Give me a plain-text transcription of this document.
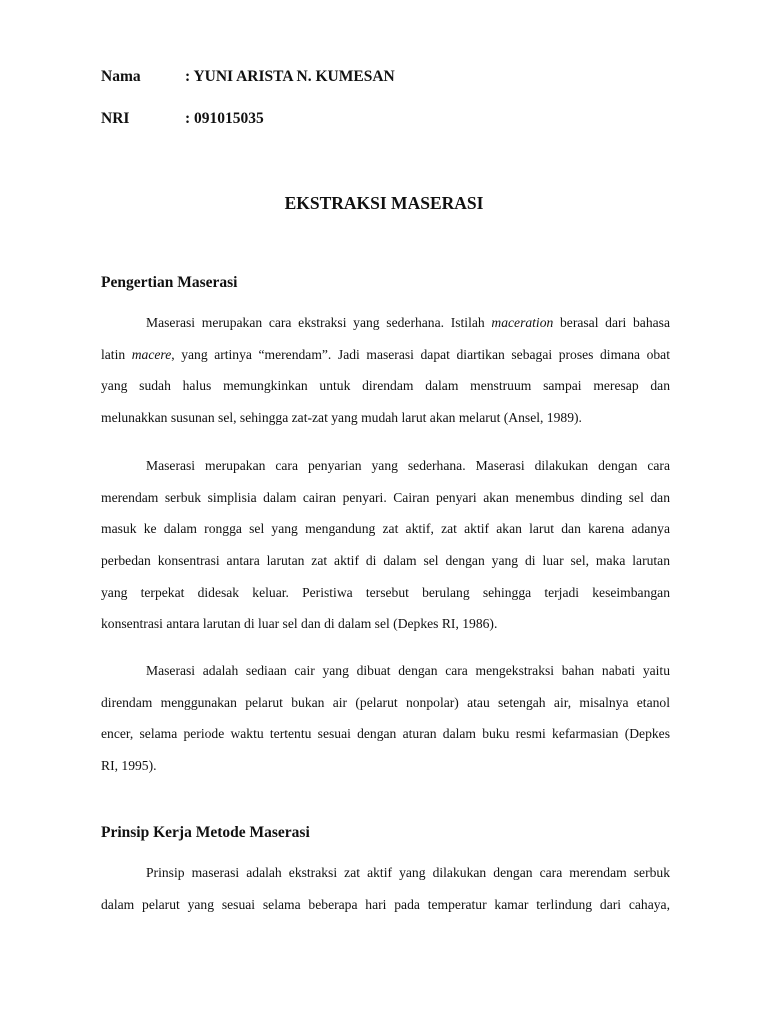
Nama	: YUNI ARISTA N. KUMESAN
NRI	: 091015035
EKSTRAKSI MASERASI
Pengertian Maserasi
Maserasi merupakan cara ekstraksi yang sederhana. Istilah maceration berasal dari bahasa
latin macere, yang artinya “merendam”. Jadi maserasi dapat diartikan sebagai proses dimana obat
yang sudah halus memungkinkan untuk direndam dalam menstruum sampai meresap dan
melunakkan susunan sel, sehingga zat-zat yang mudah larut akan melarut (Ansel, 1989).
Maserasi merupakan cara penyarian yang sederhana. Maserasi dilakukan dengan cara
merendam serbuk simplisia dalam cairan penyari. Cairan penyari akan menembus dinding sel dan
masuk ke dalam rongga sel yang mengandung zat aktif, zat aktif akan larut dan karena adanya
perbedan konsentrasi antara larutan zat aktif di dalam sel dengan yang di luar sel, maka larutan
yang terpekat didesak keluar. Peristiwa tersebut berulang sehingga terjadi keseimbangan
konsentrasi antara larutan di luar sel dan di dalam sel (Depkes RI, 1986).
Maserasi adalah sediaan cair yang dibuat dengan cara mengekstraksi bahan nabati yaitu
direndam menggunakan pelarut bukan air (pelarut nonpolar) atau setengah air, misalnya etanol
encer, selama periode waktu tertentu sesuai dengan aturan dalam buku resmi kefarmasian (Depkes
RI, 1995).
Prinsip Kerja Metode Maserasi
Prinsip maserasi adalah ekstraksi zat aktif yang dilakukan dengan cara merendam serbuk
dalam pelarut yang sesuai selama beberapa hari pada temperatur kamar terlindung dari cahaya,
